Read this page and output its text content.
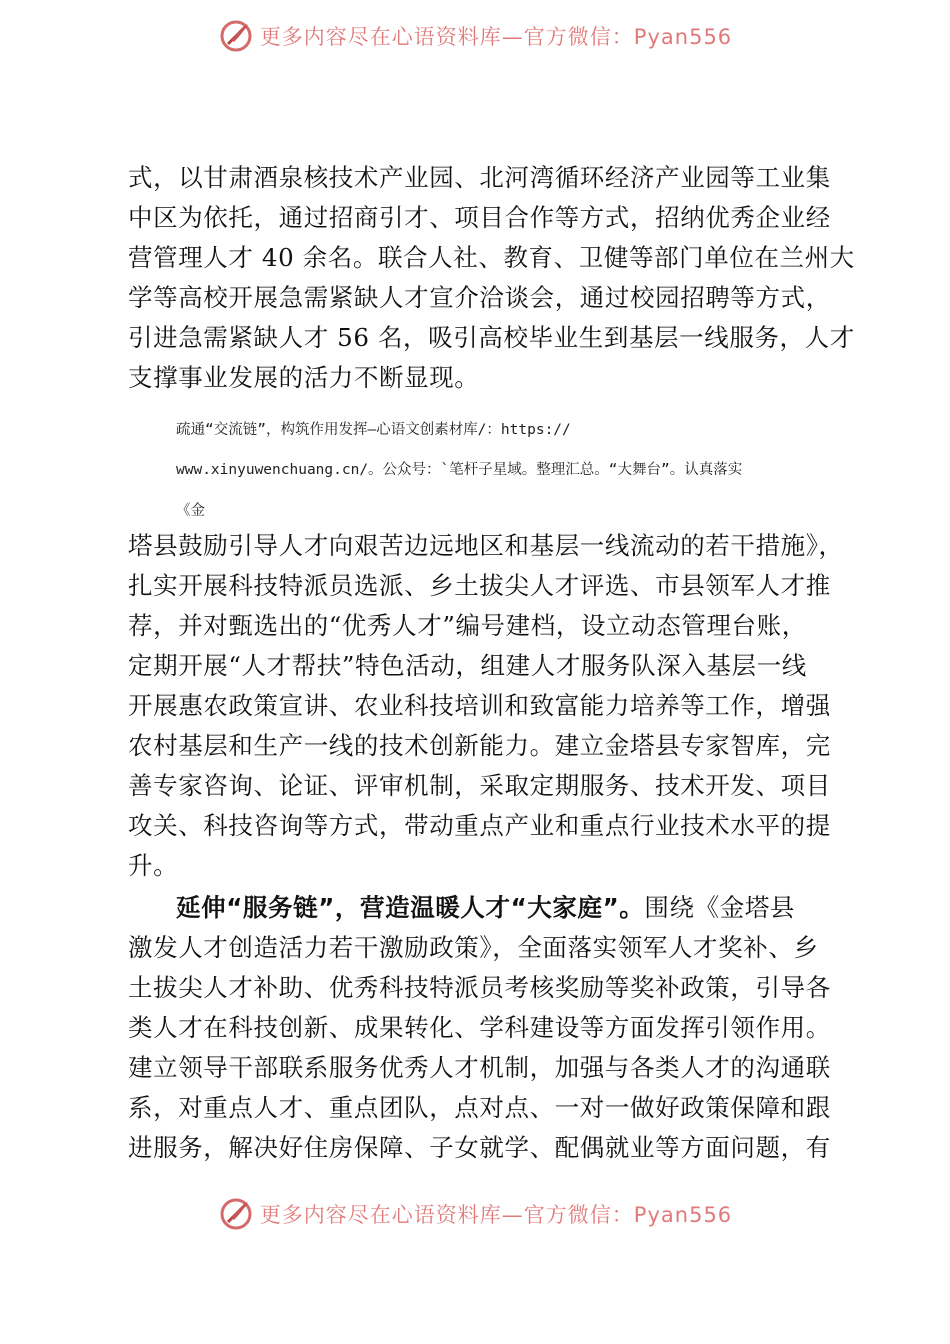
更多内容尽在心语资料库—官方微信：Pyan556
式，以甘肃酒泉核技术产业园、北河湾循环经济产业园等工业集
中区为依托，通过招商引才、项目合作等方式，招纳优秀企业经
营管理人才 40 余名。联合人社、教育、卫健等部门单位在兰州大
学等高校开展急需紧缺人才宣介洽谈会，通过校园招聘等方式，
引进急需紧缺人才 56 名，吸引高校毕业生到基层一线服务，人才
支撑事业发展的活力不断显现。
疏通“交流链”，构筑作用发挥—心语文创素材库/：https://
www.xinyuwenchuang.cn/。公众号：`笔杆子星域。整理汇总。“大舞台”。认真落实
《金
塔县鼓励引导人才向艰苦边远地区和基层一线流动的若干措施》，
扎实开展科技特派员选派、乡土拔尖人才评选、市县领军人才推
荐，并对甄选出的“优秀人才”编号建档，设立动态管理台账，
定期开展“人才帮扶”特色活动，组建人才服务队深入基层一线
开展惠农政策宣讲、农业科技培训和致富能力培养等工作，增强
农村基层和生产一线的技术创新能力。建立金塔县专家智库，完
善专家咨询、论证、评审机制，采取定期服务、技术开发、项目
攻关、科技咨询等方式，带动重点产业和重点行业技术水平的提
升。
延伸“服务链”，营造温暖人才“大家庭”。围绕《金塔县
激发人才创造活力若干激励政策》，全面落实领军人才奖补、乡
土拔尖人才补助、优秀科技特派员考核奖励等奖补政策，引导各
类人才在科技创新、成果转化、学科建设等方面发挥引领作用。
建立领导干部联系服务优秀人才机制，加强与各类人才的沟通联
系，对重点人才、重点团队，点对点、一对一做好政策保障和跟
进服务，解决好住房保障、子女就学、配偶就业等方面问题，有
更多内容尽在心语资料库—官方微信：Pyan556
